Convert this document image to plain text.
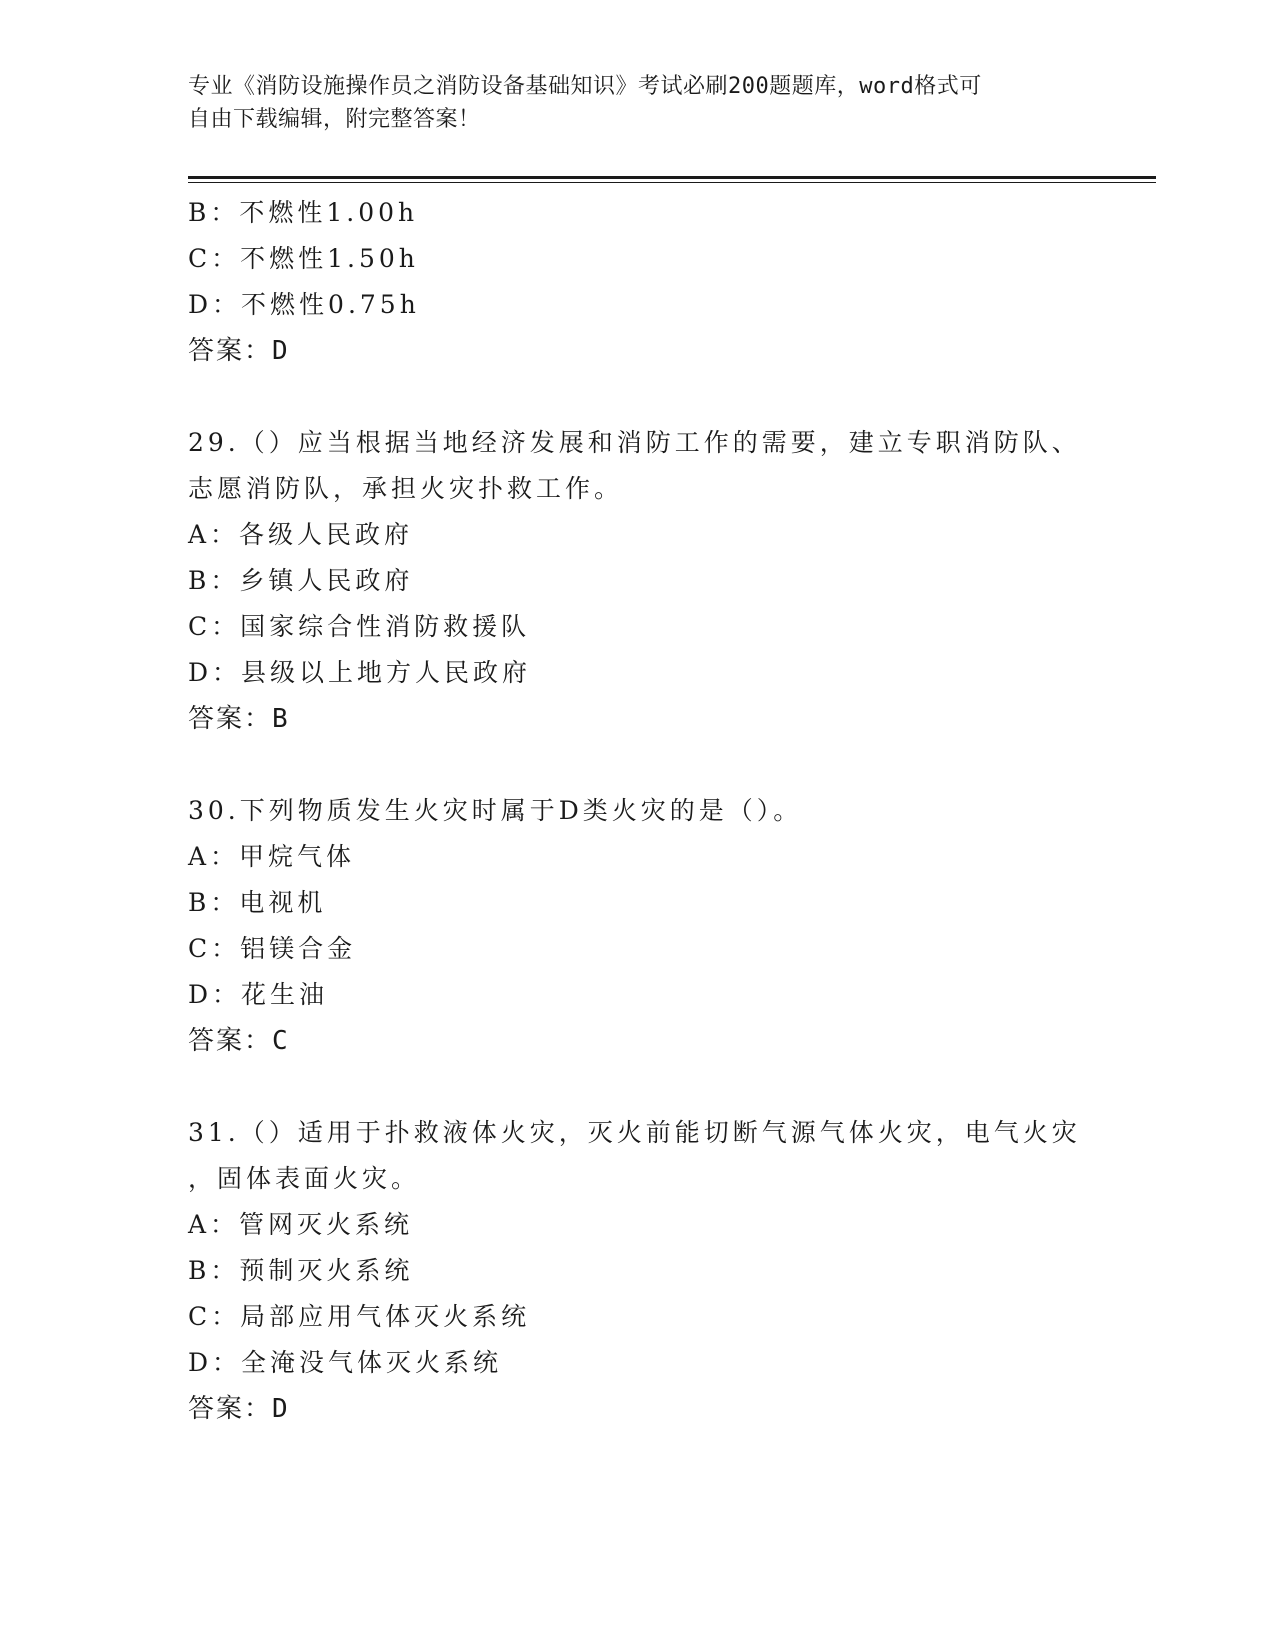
专业《消防设施操作员之消防设备基础知识》考试必刷200题题库，word格式可
自由下载编辑，附完整答案！
B：不燃性1.00h
C：不燃性1.50h
D：不燃性0.75h
答案：D
29.（）应当根据当地经济发展和消防工作的需要，建立专职消防队、
志愿消防队，承担火灾扑救工作。
A：各级人民政府
B：乡镇人民政府
C：国家综合性消防救援队
D：县级以上地方人民政府
答案：B
30.下列物质发生火灾时属于D类火灾的是（）。
A：甲烷气体
B：电视机
C：铝镁合金
D：花生油
答案：C
31.（）适用于扑救液体火灾，灭火前能切断气源气体火灾，电气火灾
，固体表面火灾。
A：管网灭火系统
B：预制灭火系统
C：局部应用气体灭火系统
D：全淹没气体灭火系统
答案：D
